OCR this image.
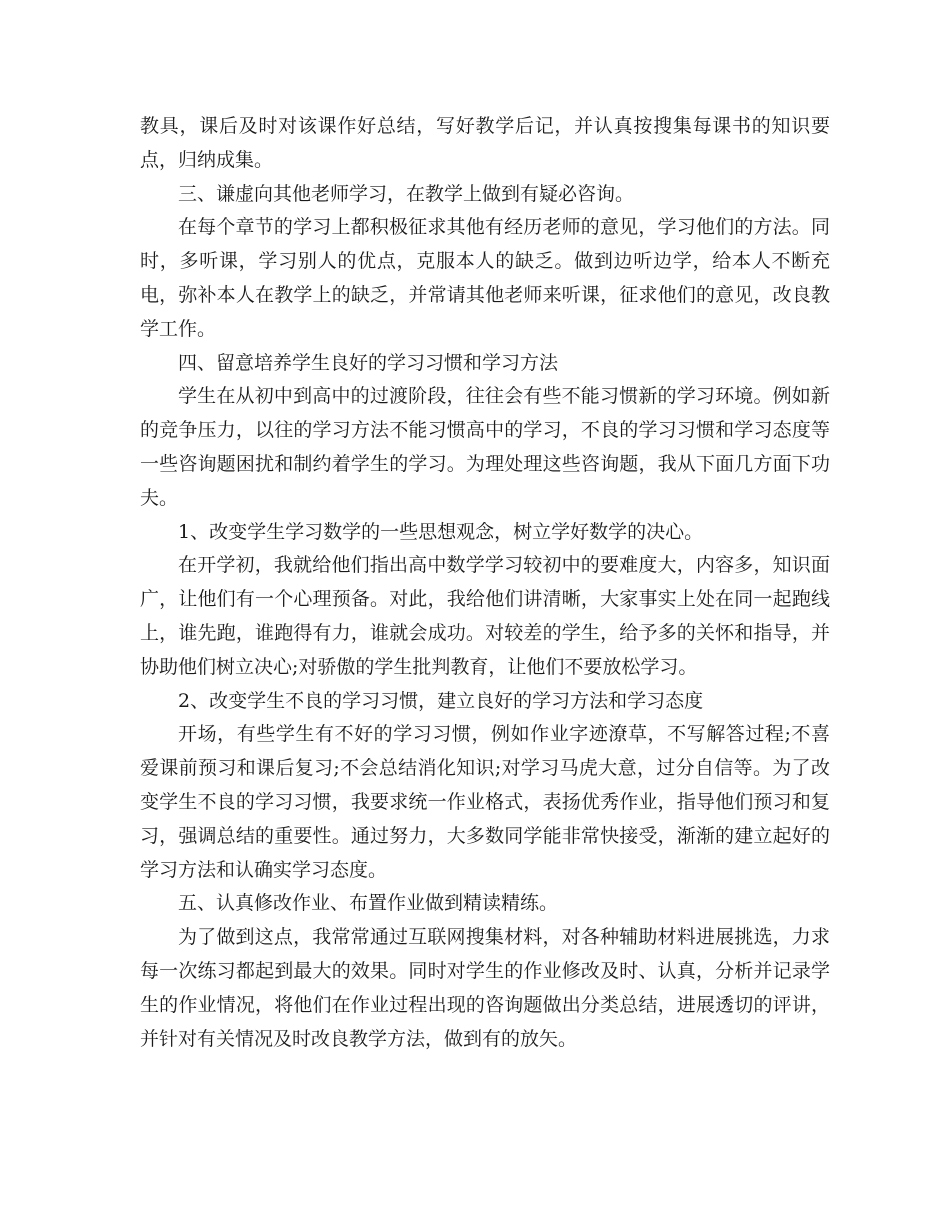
教具，课后及时对该课作好总结，写好教学后记，并认真按搜集每课书的知识要点，归纳成集。

三、谦虚向其他老师学习，在教学上做到有疑必咨询。

在每个章节的学习上都积极征求其他有经历老师的意见，学习他们的方法。同时，多听课，学习别人的优点，克服本人的缺乏。做到边听边学，给本人不断充电，弥补本人在教学上的缺乏，并常请其他老师来听课，征求他们的意见，改良教学工作。

四、留意培养学生良好的学习习惯和学习方法

学生在从初中到高中的过渡阶段，往往会有些不能习惯新的学习环境。例如新的竞争压力，以往的学习方法不能习惯高中的学习，不良的学习习惯和学习态度等一些咨询题困扰和制约着学生的学习。为理处理这些咨询题，我从下面几方面下功夫。

1、改变学生学习数学的一些思想观念，树立学好数学的决心。

在开学初，我就给他们指出高中数学学习较初中的要难度大，内容多，知识面广，让他们有一个心理预备。对此，我给他们讲清晰，大家事实上处在同一起跑线上，谁先跑，谁跑得有力，谁就会成功。对较差的学生，给予多的关怀和指导，并协助他们树立决心;对骄傲的学生批判教育，让他们不要放松学习。

2、改变学生不良的学习习惯，建立良好的学习方法和学习态度

开场，有些学生有不好的学习习惯，例如作业字迹潦草，不写解答过程;不喜爱课前预习和课后复习;不会总结消化知识;对学习马虎大意，过分自信等。为了改变学生不良的学习习惯，我要求统一作业格式，表扬优秀作业，指导他们预习和复习，强调总结的重要性。通过努力，大多数同学能非常快接受，渐渐的建立起好的学习方法和认确实学习态度。

五、认真修改作业、布置作业做到精读精练。

为了做到这点，我常常通过互联网搜集材料，对各种辅助材料进展挑选，力求每一次练习都起到最大的效果。同时对学生的作业修改及时、认真，分析并记录学生的作业情况，将他们在作业过程出现的咨询题做出分类总结，进展透切的评讲，并针对有关情况及时改良教学方法，做到有的放矢。
